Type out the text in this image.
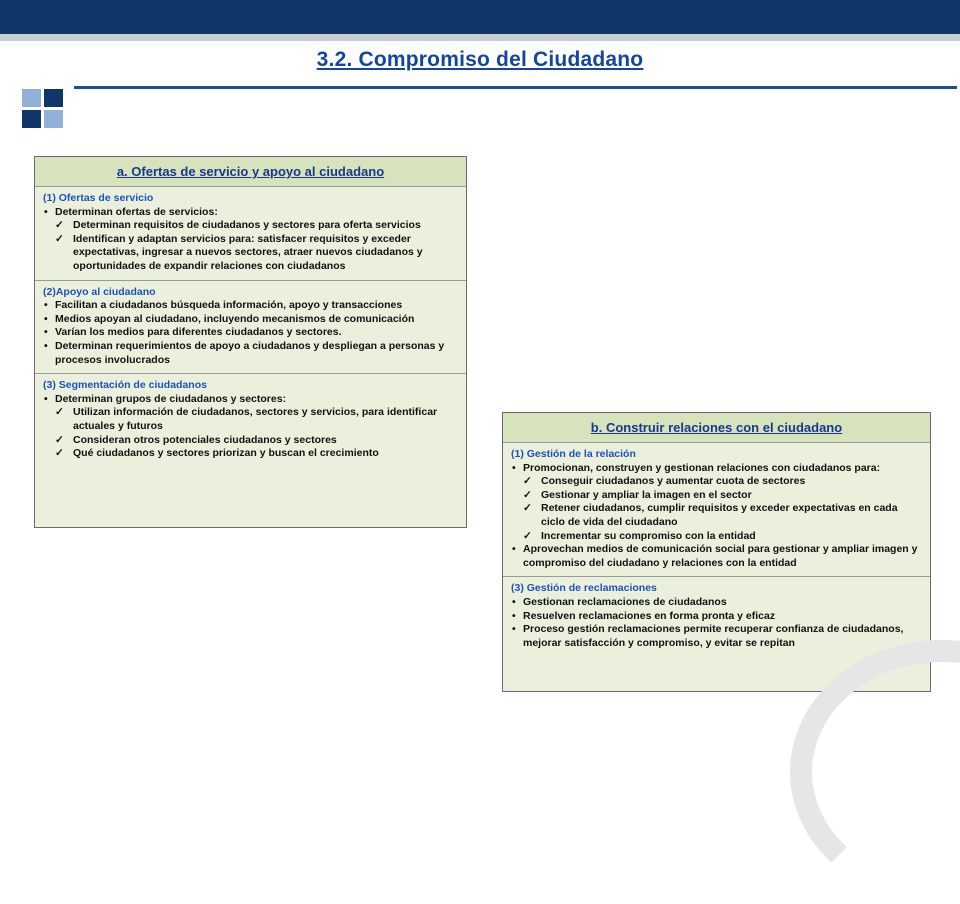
3.2. Compromiso del Ciudadano
a. Ofertas de servicio y apoyo al ciudadano
(1) Ofertas de servicio
• Determinan ofertas de servicios:
✓ Determinan requisitos de ciudadanos y sectores para oferta servicios
✓ Identifican y adaptan servicios para: satisfacer requisitos y exceder expectativas, ingresar a nuevos sectores, atraer nuevos ciudadanos y oportunidades de expandir relaciones con ciudadanos
(2)Apoyo al ciudadano
• Facilitan a ciudadanos búsqueda información, apoyo y transacciones
• Medios apoyan al ciudadano, incluyendo mecanismos de comunicación
• Varían los medios para diferentes ciudadanos y sectores.
• Determinan requerimientos de apoyo a ciudadanos y despliegan a personas y procesos involucrados
(3) Segmentación de ciudadanos
• Determinan grupos de ciudadanos y sectores:
✓ Utilizan información de ciudadanos, sectores y servicios, para identificar actuales y futuros
✓ Consideran otros potenciales ciudadanos y sectores
✓ Qué ciudadanos y sectores priorizan y buscan el crecimiento
b. Construir relaciones con el ciudadano
(1) Gestión de la relación
• Promocionan, construyen y gestionan relaciones con ciudadanos para:
✓ Conseguir ciudadanos y aumentar cuota de sectores
✓ Gestionar y ampliar la imagen en el sector
✓ Retener ciudadanos, cumplir requisitos y exceder expectativas en cada ciclo de vida del ciudadano
✓ Incrementar su compromiso con la entidad
• Aprovechan medios de comunicación social para gestionar y ampliar imagen y compromiso del ciudadano y relaciones con la entidad
(3) Gestión de reclamaciones
• Gestionan reclamaciones de ciudadanos
• Resuelven reclamaciones en forma pronta y eficaz
• Proceso gestión reclamaciones permite recuperar confianza de ciudadanos, mejorar satisfacción y compromiso, y evitar se repitan
